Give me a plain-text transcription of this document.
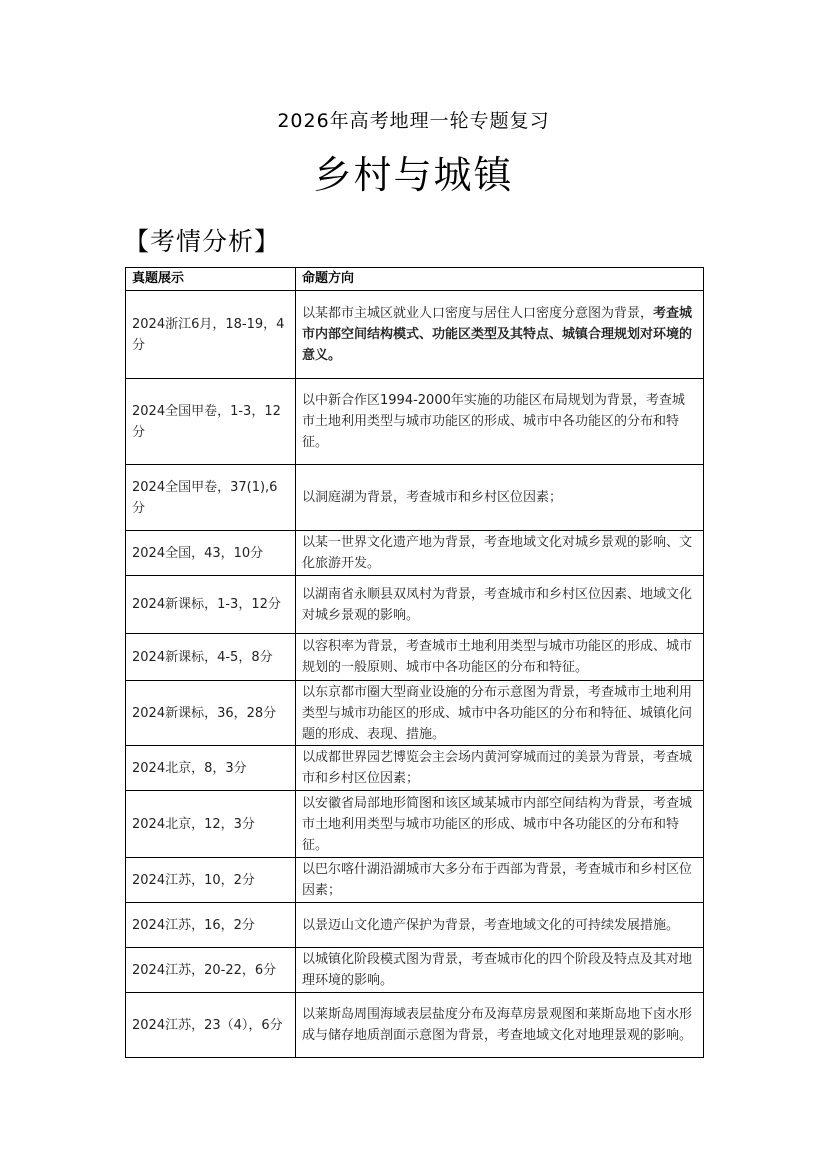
2026年高考地理一轮专题复习
乡村与城镇
【考情分析】
真题展示	命题方向
2024浙江6月，18-19，4分	以某都市主城区就业人口密度与居住人口密度分意图为背景，考查城市内部空间结构模式、功能区类型及其特点、城镇合理规划对环境的意义。
2024全国甲卷，1-3，12分	以中新合作区1994-2000年实施的功能区布局规划为背景，考查城市土地利用类型与城市功能区的形成、城市中各功能区的分布和特征。
2024全国甲卷，37(1),6分	以洞庭湖为背景，考查城市和乡村区位因素；
2024全国，43，10分	以某一世界文化遗产地为背景，考查地域文化对城乡景观的影响、文化旅游开发。
2024新课标，1-3，12分	以湖南省永顺县双凤村为背景，考查城市和乡村区位因素、地域文化对城乡景观的影响。
2024新课标，4-5，8分	以容积率为背景，考查城市土地利用类型与城市功能区的形成、城市规划的一般原则、城市中各功能区的分布和特征。
2024新课标，36，28分	以东京都市圈大型商业设施的分布示意图为背景，考查城市土地利用类型与城市功能区的形成、城市中各功能区的分布和特征、城镇化问题的形成、表现、措施。
2024北京，8，3分	以成都世界园艺博览会主会场内黄河穿城而过的美景为背景，考查城市和乡村区位因素；
2024北京，12，3分	以安徽省局部地形简图和该区域某城市内部空间结构为背景，考查城市土地利用类型与城市功能区的形成、城市中各功能区的分布和特征。
2024江苏，10，2分	以巴尔喀什湖沿湖城市大多分布于西部为背景，考查城市和乡村区位因素；
2024江苏，16，2分	以景迈山文化遗产保护为背景，考查地域文化的可持续发展措施。
2024江苏，20-22，6分	以城镇化阶段模式图为背景，考查城市化的四个阶段及特点及其对地理环境的影响。
2024江苏，23（4），6分	以莱斯岛周围海域表层盐度分布及海草房景观图和莱斯岛地下卤水形成与储存地质剖面示意图为背景，考查地域文化对地理景观的影响。
